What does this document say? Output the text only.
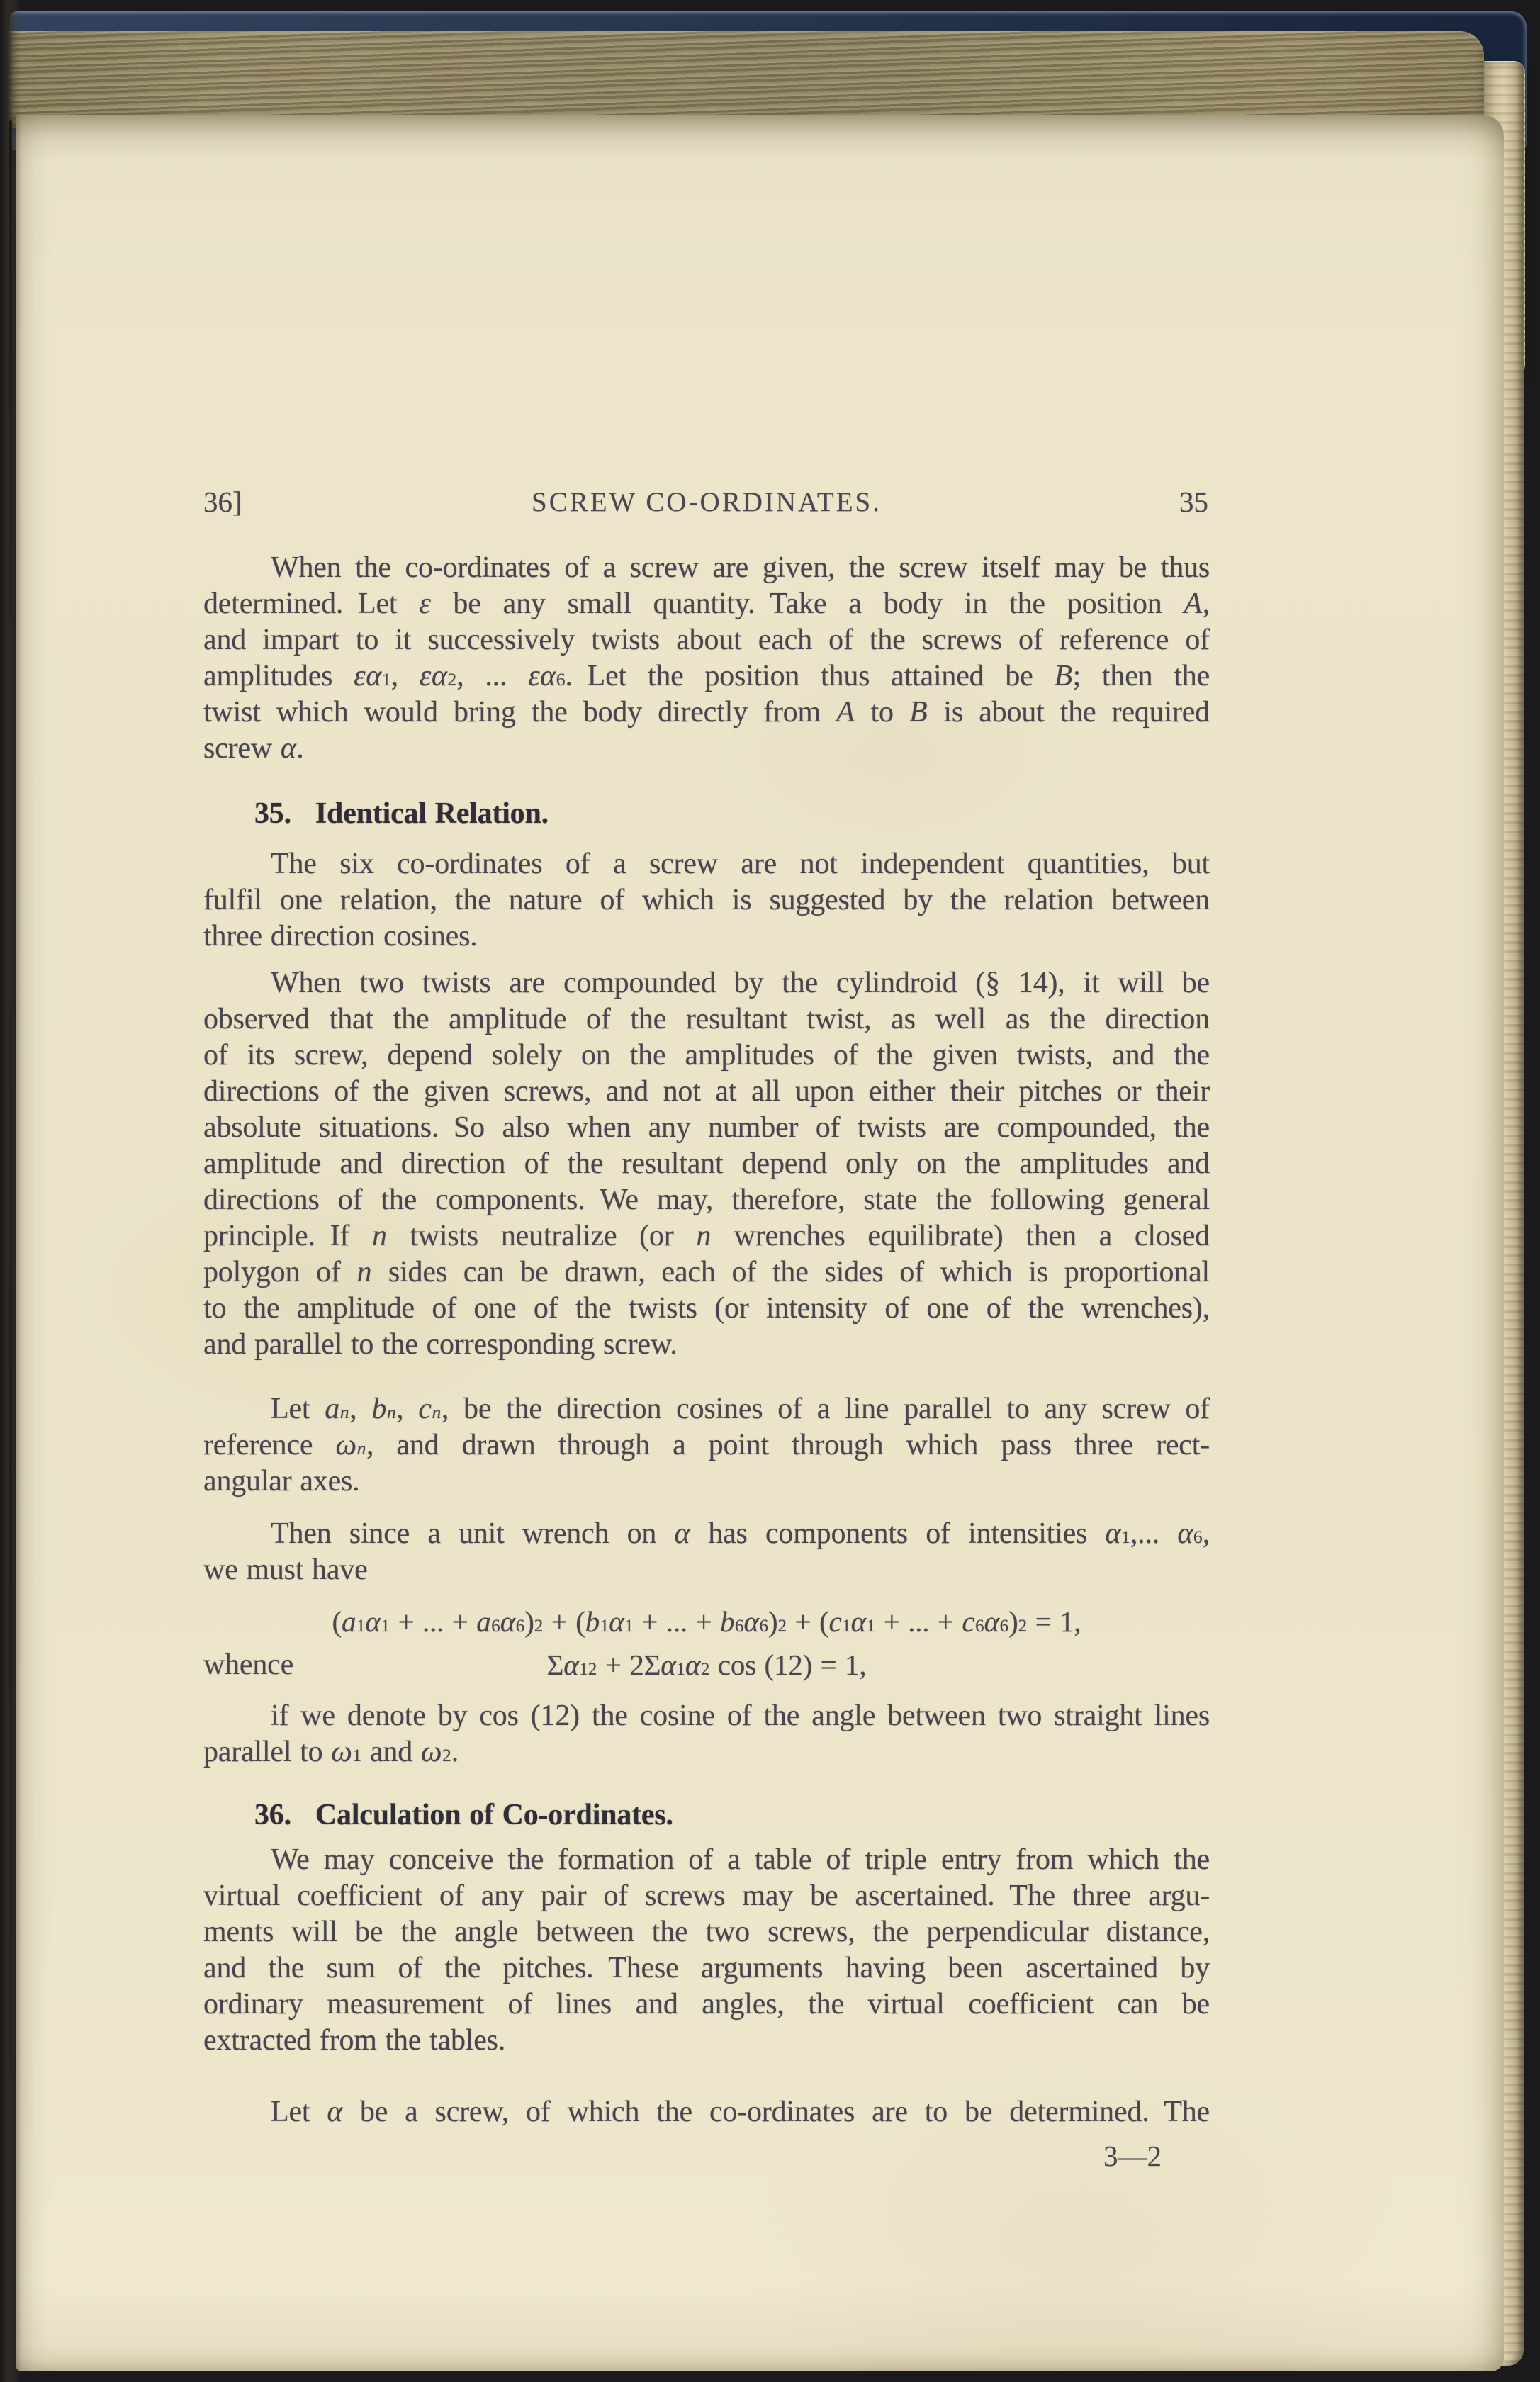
36]	SCREW CO-ORDINATES.	35
When the co-ordinates of a screw are given, the screw itself may be thus
determined. Let ε be any small quantity. Take a body in the position A,
and impart to it successively twists about each of the screws of reference of
amplitudes $\varepsilon\alpha_1$, $\varepsilon\alpha_2$, ... $\varepsilon\alpha_6$. Let the position thus attained be B; then the
twist which would bring the body directly from A to B is about the required
screw α.
35. Identical Relation.
The six co-ordinates of a screw are not independent quantities, but
fulfil one relation, the nature of which is suggested by the relation between
three direction cosines.
When two twists are compounded by the cylindroid (§ 14), it will be
observed that the amplitude of the resultant twist, as well as the direction
of its screw, depend solely on the amplitudes of the given twists, and the
directions of the given screws, and not at all upon either their pitches or their
absolute situations. So also when any number of twists are compounded, the
amplitude and direction of the resultant depend only on the amplitudes and
directions of the components. We may, therefore, state the following general
principle. If n twists neutralize (or n wrenches equilibrate) then a closed
polygon of n sides can be drawn, each of the sides of which is proportional
to the amplitude of one of the twists (or intensity of one of the wrenches),
and parallel to the corresponding screw.
Let $a_n$, $b_n$, $c_n$, be the direction cosines of a line parallel to any screw of
reference $\omega_n$, and drawn through a point through which pass three rect-
angular axes.
Then since a unit wrench on α has components of intensities $\alpha_1$,... $\alpha_6$,
we must have
($a_1\alpha_1$ + ... + $a_6\alpha_6)^2 + (b_1\alpha_1$ + ... + $b_6\alpha_6)^2 + (c_1\alpha_1$ + ... + $c_6\alpha_6)^2 = 1$,
whence	$\Sigma\alpha_1^2 + 2\Sigma\alpha_1\alpha_2$ cos (12) = 1,
if we denote by cos (12) the cosine of the angle between two straight lines
parallel to $\omega_1$ and $\omega_2$.
36. Calculation of Co-ordinates.
We may conceive the formation of a table of triple entry from which the
virtual coefficient of any pair of screws may be ascertained. The three argu-
ments will be the angle between the two screws, the perpendicular distance,
and the sum of the pitches. These arguments having been ascertained by
ordinary measurement of lines and angles, the virtual coefficient can be
extracted from the tables.
Let α be a screw, of which the co-ordinates are to be determined. The
3—2
